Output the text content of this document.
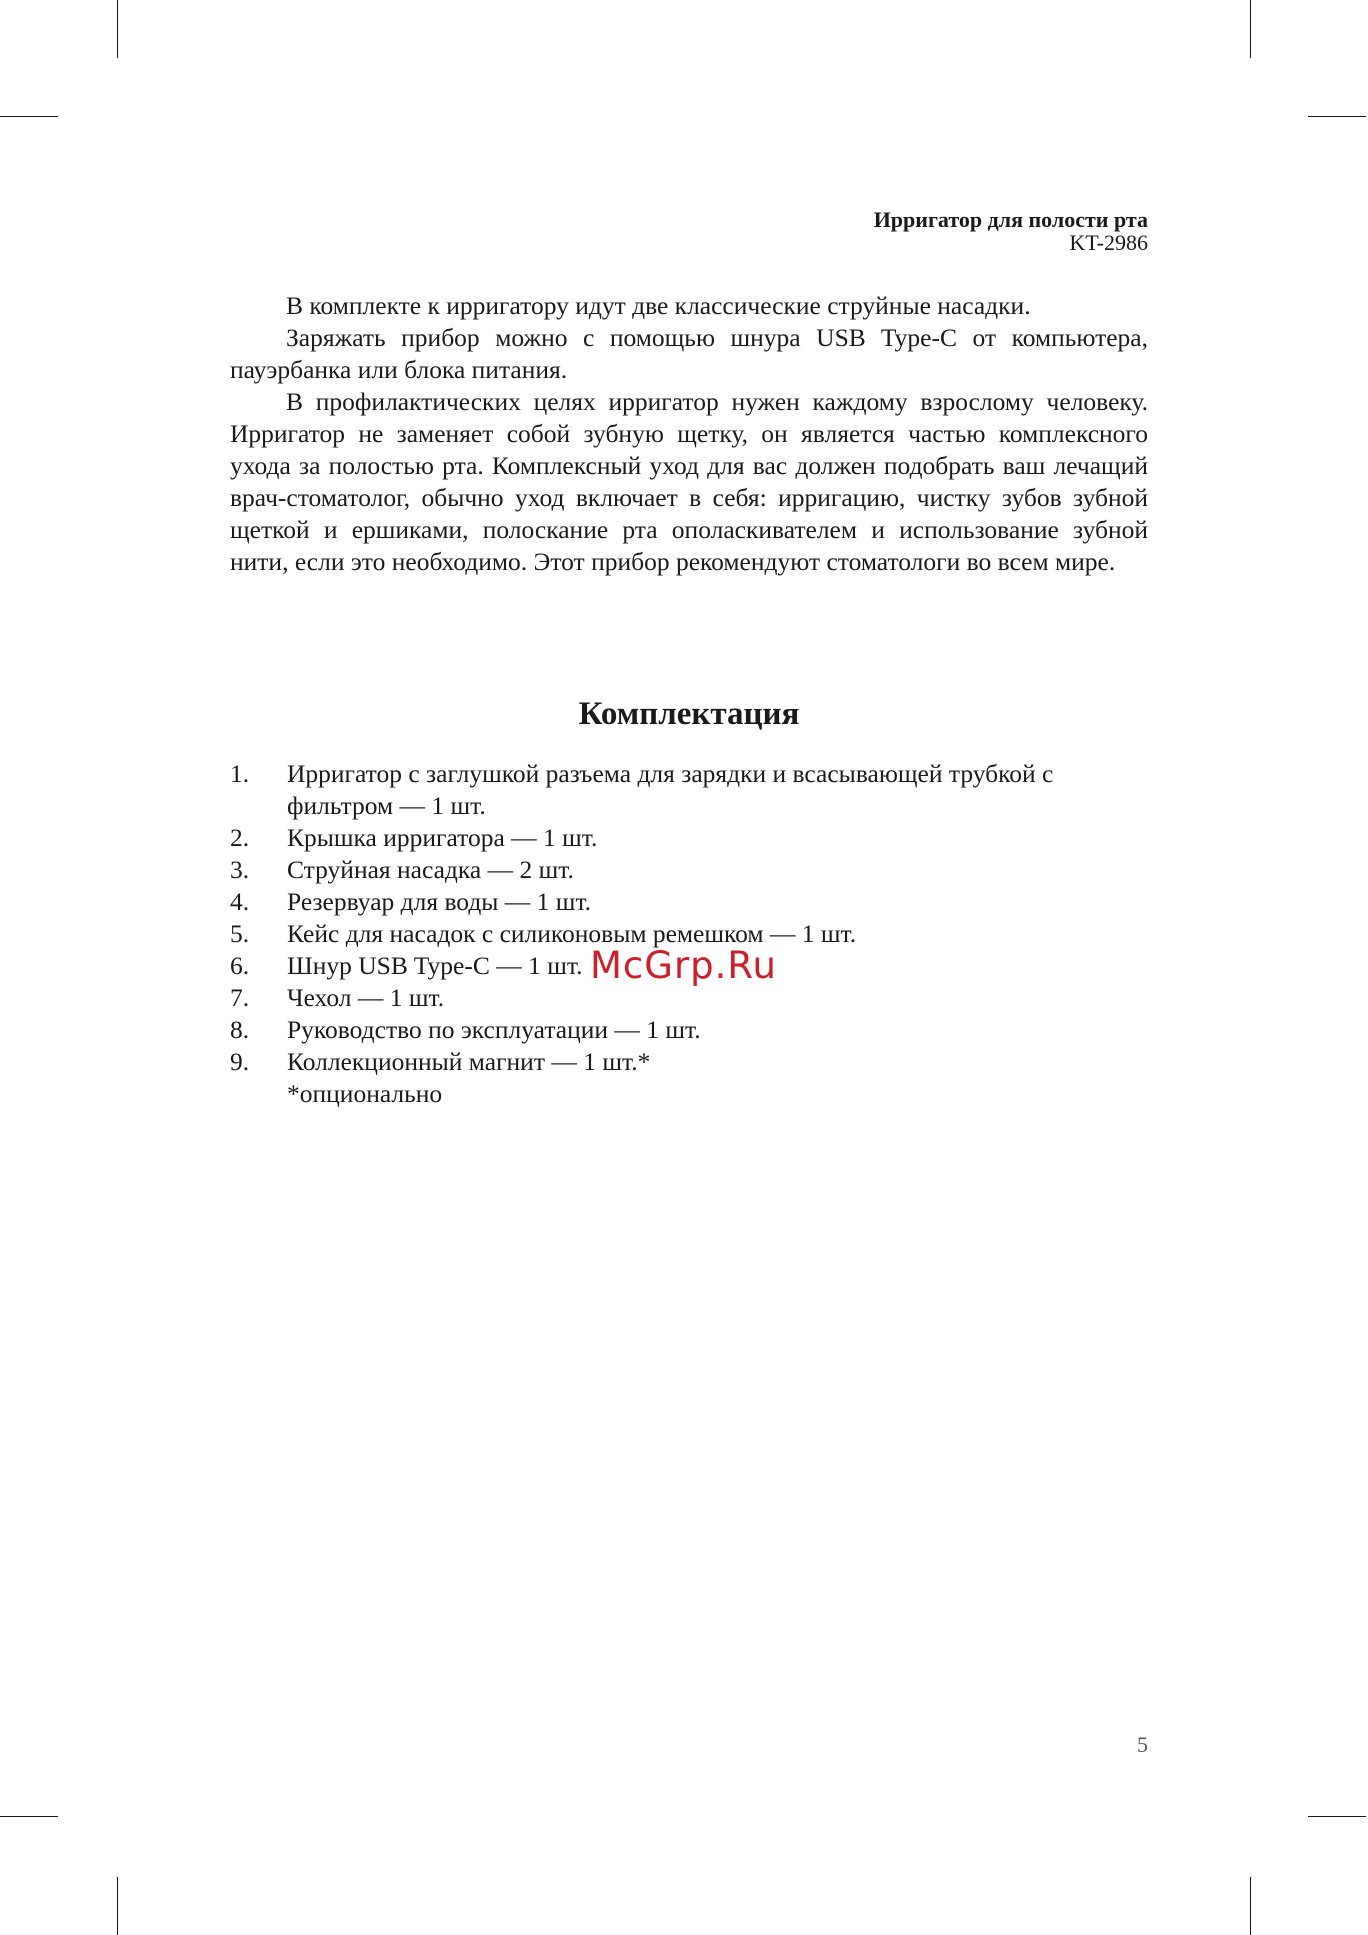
Ирригатор для полости рта
KT-2986

В комплекте к ирригатору идут две классические струйные насадки.

Заряжать прибор можно с помощью шнура USB Type-C от компьютера, пауэрбанка или блока питания.

В профилактических целях ирригатор нужен каждому взрослому человеку. Ирригатор не заменяет собой зубную щетку, он является частью комплексного ухода за полостью рта. Комплексный уход для вас должен подобрать ваш лечащий врач-стоматолог, обычно уход включает в себя: ирригацию, чистку зубов зубной щеткой и ершиками, полоскание рта ополаскивателем и использование зубной нити, если это необходимо. Этот прибор рекомендуют стоматологи во всем мире.

Комплектация
1.	Ирригатор с заглушкой разъема для зарядки и всасывающей трубкой с фильтром — 1 шт.
2.	Крышка ирригатора — 1 шт.
3.	Струйная насадка — 2 шт.
4.	Резервуар для воды — 1 шт.
5.	Кейс для насадок с силиконовым ремешком — 1 шт.
6.	Шнур USB Type-C — 1 шт.
7.	Чехол — 1 шт.
8.	Руководство по эксплуатации — 1 шт.
9.	Коллекционный магнит — 1 шт.*
*опционально
McGrp.Ru
5
